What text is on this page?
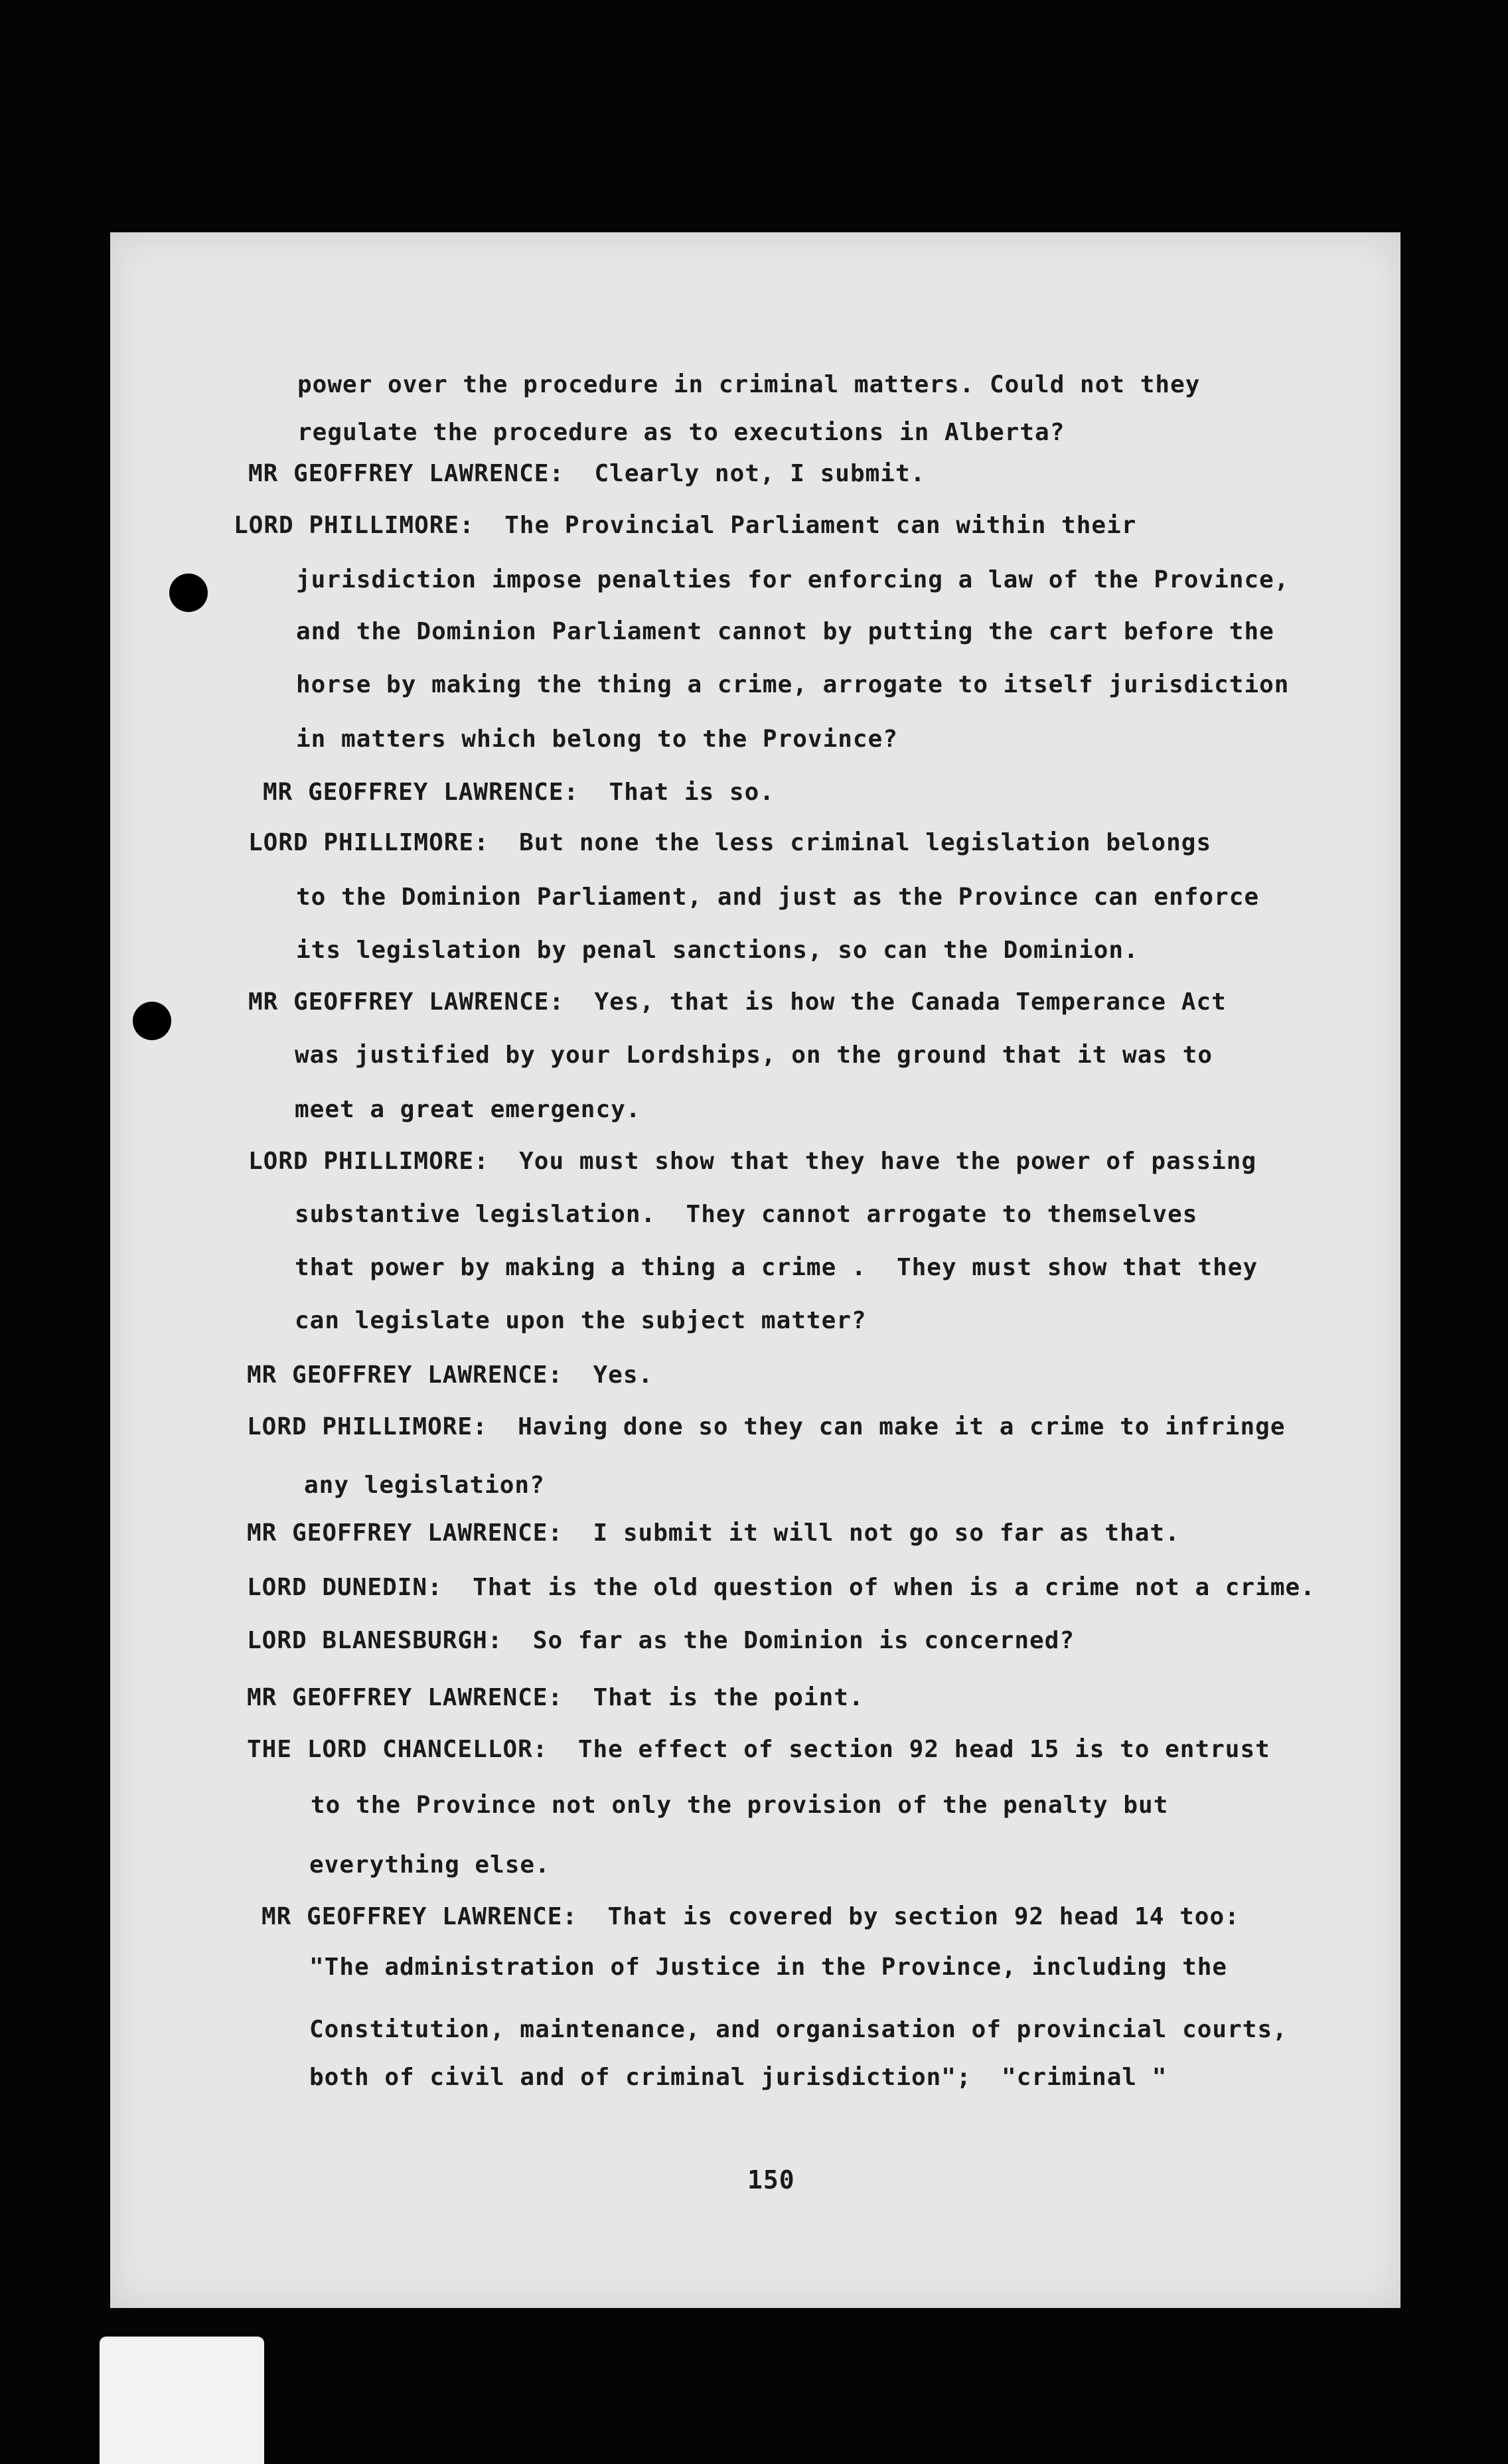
power over the procedure in criminal matters. Could not they
regulate the procedure as to executions in Alberta?
MR GEOFFREY LAWRENCE:  Clearly not, I submit.
LORD PHILLIMORE:  The Provincial Parliament can within their
jurisdiction impose penalties for enforcing a law of the Province,
and the Dominion Parliament cannot by putting the cart before the
horse by making the thing a crime, arrogate to itself jurisdiction
in matters which belong to the Province?
MR GEOFFREY LAWRENCE:  That is so.
LORD PHILLIMORE:  But none the less criminal legislation belongs
to the Dominion Parliament, and just as the Province can enforce
its legislation by penal sanctions, so can the Dominion.
MR GEOFFREY LAWRENCE:  Yes, that is how the Canada Temperance Act
was justified by your Lordships, on the ground that it was to
meet a great emergency.
LORD PHILLIMORE:  You must show that they have the power of passing
substantive legislation.  They cannot arrogate to themselves
that power by making a thing a crime .  They must show that they
can legislate upon the subject matter?
MR GEOFFREY LAWRENCE:  Yes.
LORD PHILLIMORE:  Having done so they can make it a crime to infringe
any legislation?
MR GEOFFREY LAWRENCE:  I submit it will not go so far as that.
LORD DUNEDIN:  That is the old question of when is a crime not a crime.
LORD BLANESBURGH:  So far as the Dominion is concerned?
MR GEOFFREY LAWRENCE:  That is the point.
THE LORD CHANCELLOR:  The effect of section 92 head 15 is to entrust
to the Province not only the provision of the penalty but
everything else.
MR GEOFFREY LAWRENCE:  That is covered by section 92 head 14 too:
"The administration of Justice in the Province, including the
Constitution, maintenance, and organisation of provincial courts,
both of civil and of criminal jurisdiction";  "criminal "
150
